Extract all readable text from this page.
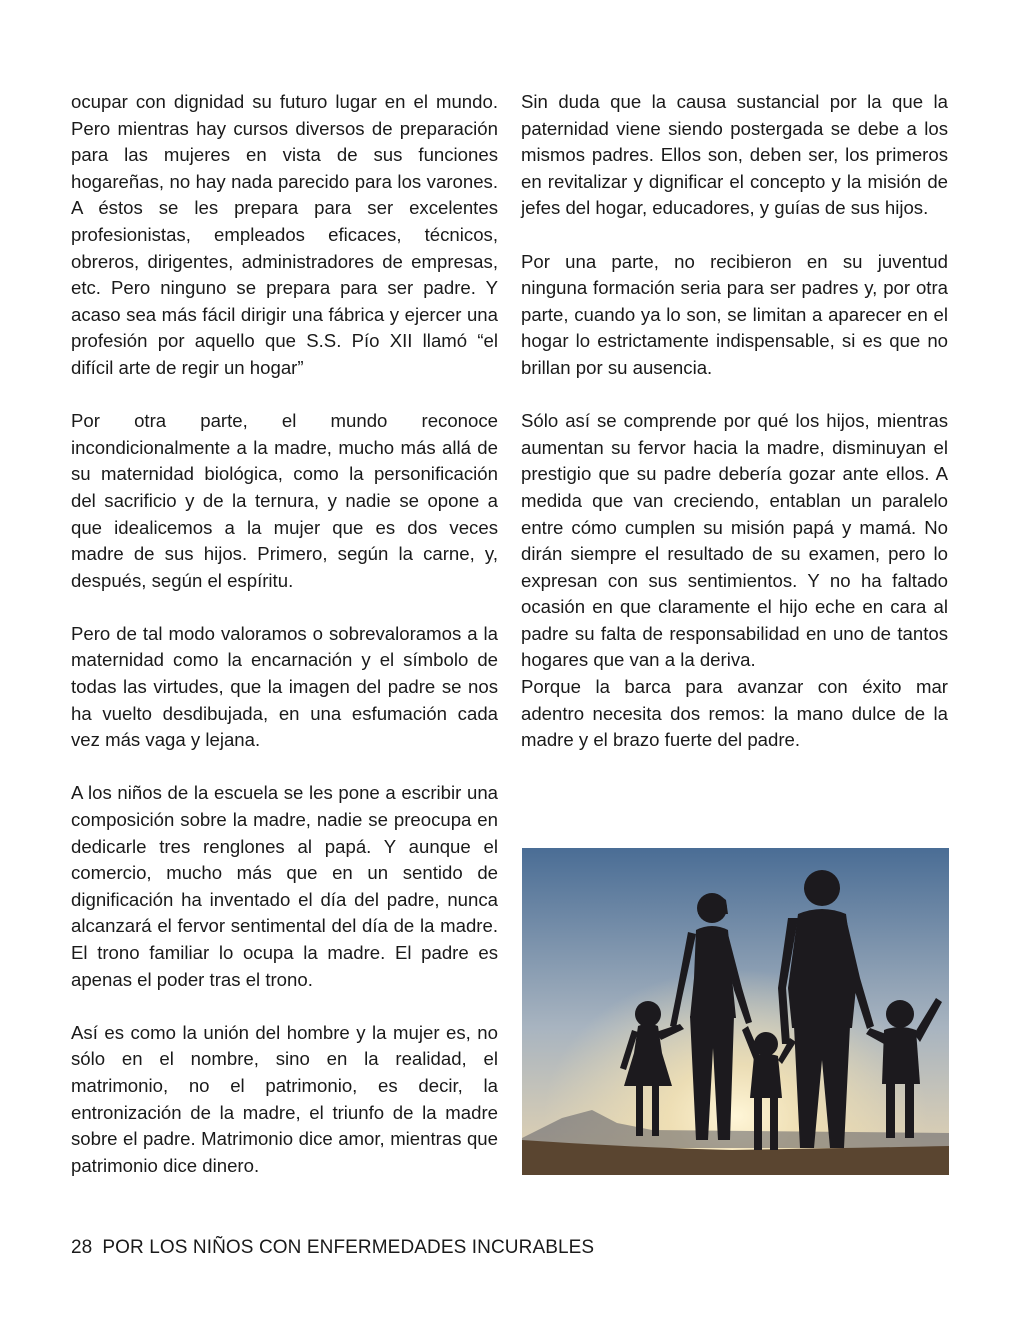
ocupar con dignidad su futuro lugar en el mundo. Pero mientras hay cursos diversos de preparación para las mujeres en vista de sus funciones hogareñas, no hay nada parecido para los varones. A éstos se les prepara para ser excelentes profesionistas, empleados eficaces, técnicos, obreros, dirigentes, administradores de empresas, etc. Pero ninguno se prepara para ser padre. Y acaso sea más fácil dirigir una fábrica y ejercer una profesión por aquello que S.S. Pío XII llamó “el difícil arte de regir un hogar”

Por otra parte, el mundo reconoce incondicionalmente a la madre, mucho más allá de su maternidad biológica, como la personificación del sacrificio y de la ternura, y nadie se opone a que idealicemos a la mujer que es dos veces madre de sus hijos. Primero, según la carne, y, después, según el espíritu.

Pero de tal modo valoramos o sobrevaloramos a la maternidad como la encarnación y el símbolo de todas las virtudes, que la imagen del padre se nos ha vuelto desdibujada, en una esfumación cada vez más vaga y lejana.

A los niños de la escuela se les pone a escribir una composición sobre la madre, nadie se preocupa en dedicarle tres renglones al papá. Y aunque el comercio, mucho más que en un sentido de dignificación ha inventado el día del padre, nunca alcanzará el fervor sentimental del día de la madre. El trono familiar lo ocupa la madre. El padre es apenas el poder tras el trono.

Así es como la unión del hombre y la mujer es, no sólo en el nombre, sino en la realidad, el matrimonio, no el patrimonio, es decir, la entronización de la madre, el triunfo de la madre sobre el padre. Matrimonio dice amor, mientras que patrimonio dice dinero.

Sin duda que la causa sustancial por la que la paternidad viene siendo postergada se debe a los mismos padres. Ellos son, deben ser, los primeros en revitalizar y dignificar el concepto y la misión de jefes del hogar, educadores, y guías de sus hijos.

Por una parte, no recibieron en su juventud ninguna formación seria para ser padres y, por otra parte, cuando ya lo son, se limitan a aparecer en el hogar lo estrictamente indispensable, si es que no brillan por su ausencia.

Sólo así se comprende por qué los hijos, mientras aumentan su fervor hacia la madre, disminuyan el prestigio que su padre debería gozar ante ellos. A medida que van creciendo, entablan un paralelo entre cómo cumplen su misión papá y mamá. No dirán siempre el resultado de su examen, pero lo expresan con sus sentimientos. Y no ha faltado ocasión en que claramente el hijo eche en cara al padre su falta de responsabilidad en uno de tantos hogares que van a la deriva.

Porque la barca para avanzar con éxito mar adentro necesita dos remos: la mano dulce de la madre y el brazo fuerte del padre.

28 POR LOS NIÑOS CON ENFERMEDADES INCURABLES
